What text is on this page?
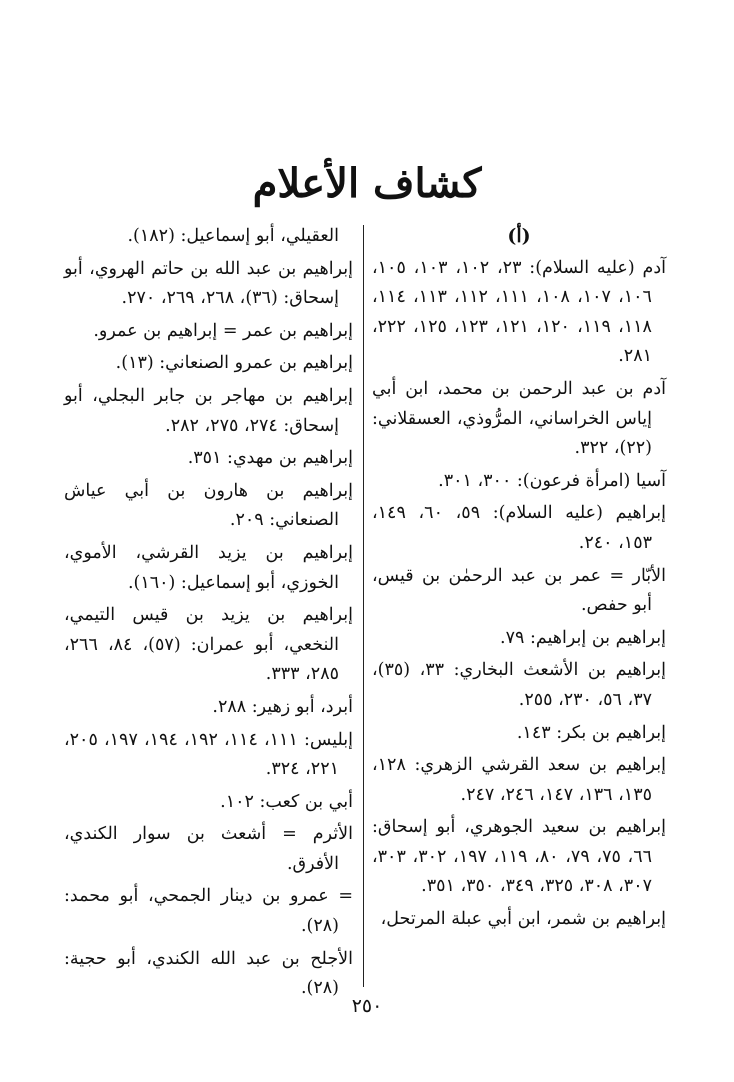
كشاف الأعلام
(أ)
آدم (عليه السلام): ٢٣، ١٠٢، ١٠٣، ١٠٥، ١٠٦، ١٠٧، ١٠٨، ١١١، ١١٢، ١١٣، ١١٤، ١١٨، ١١٩، ١٢٠، ١٢١، ١٢٣، ١٢٥، ٢٢٢، ٢٨١.
آدم بن عبد الرحمن بن محمد، ابن أبي إياس الخراساني، المرُّوذي، العسقلاني: (٢٢)، ٣٢٢.
آسيا (امرأة فرعون): ٣٠٠، ٣٠١.
إبراهيم (عليه السلام): ٥٩، ٦٠، ١٤٩، ١٥٣، ٢٤٠.
الأبّار = عمر بن عبد الرحمٰن بن قيس، أبو حفص.
إبراهيم بن إبراهيم: ٧٩.
إبراهيم بن الأشعث البخاري: ٣٣، (٣٥)، ٣٧، ٥٦، ٢٣٠، ٢٥٥.
إبراهيم بن بكر: ١٤٣.
إبراهيم بن سعد القرشي الزهري: ١٢٨، ١٣٥، ١٣٦، ١٤٧، ٢٤٦، ٢٤٧.
إبراهيم بن سعيد الجوهري، أبو إسحاق: ٦٦، ٧٥، ٧٩، ٨٠، ١١٩، ١٩٧، ٣٠٢، ٣٠٣، ٣٠٧، ٣٠٨، ٣٢٥، ٣٤٩، ٣٥٠، ٣٥١.
إبراهيم بن شمر، ابن أبي عبلة المرتحل،
العقيلي، أبو إسماعيل: (١٨٢).
إبراهيم بن عبد الله بن حاتم الهروي، أبو إسحاق: (٣٦)، ٢٦٨، ٢٦٩، ٢٧٠.
إبراهيم بن عمر = إبراهيم بن عمرو.
إبراهيم بن عمرو الصنعاني: (١٣).
إبراهيم بن مهاجر بن جابر البجلي، أبو إسحاق: ٢٧٤، ٢٧٥، ٢٨٢.
إبراهيم بن مهدي: ٣٥١.
إبراهيم بن هارون بن أبي عياش الصنعاني: ٢٠٩.
إبراهيم بن يزيد القرشي، الأموي، الخوزي، أبو إسماعيل: (١٦٠).
إبراهيم بن يزيد بن قيس التيمي، النخعي، أبو عمران: (٥٧)، ٨٤، ٢٦٦، ٢٨٥، ٣٣٣.
أبرد، أبو زهير: ٢٨٨.
إبليس: ١١١، ١١٤، ١٩٢، ١٩٤، ١٩٧، ٢٠٥، ٢٢١، ٣٢٤.
أبي بن كعب: ١٠٢.
الأثرم = أشعث بن سوار الكندي، الأفرق.
= عمرو بن دينار الجمحي، أبو محمد: (٢٨).
الأجلح بن عبد الله الكندي، أبو حجية: (٢٨).
٢٥٠
